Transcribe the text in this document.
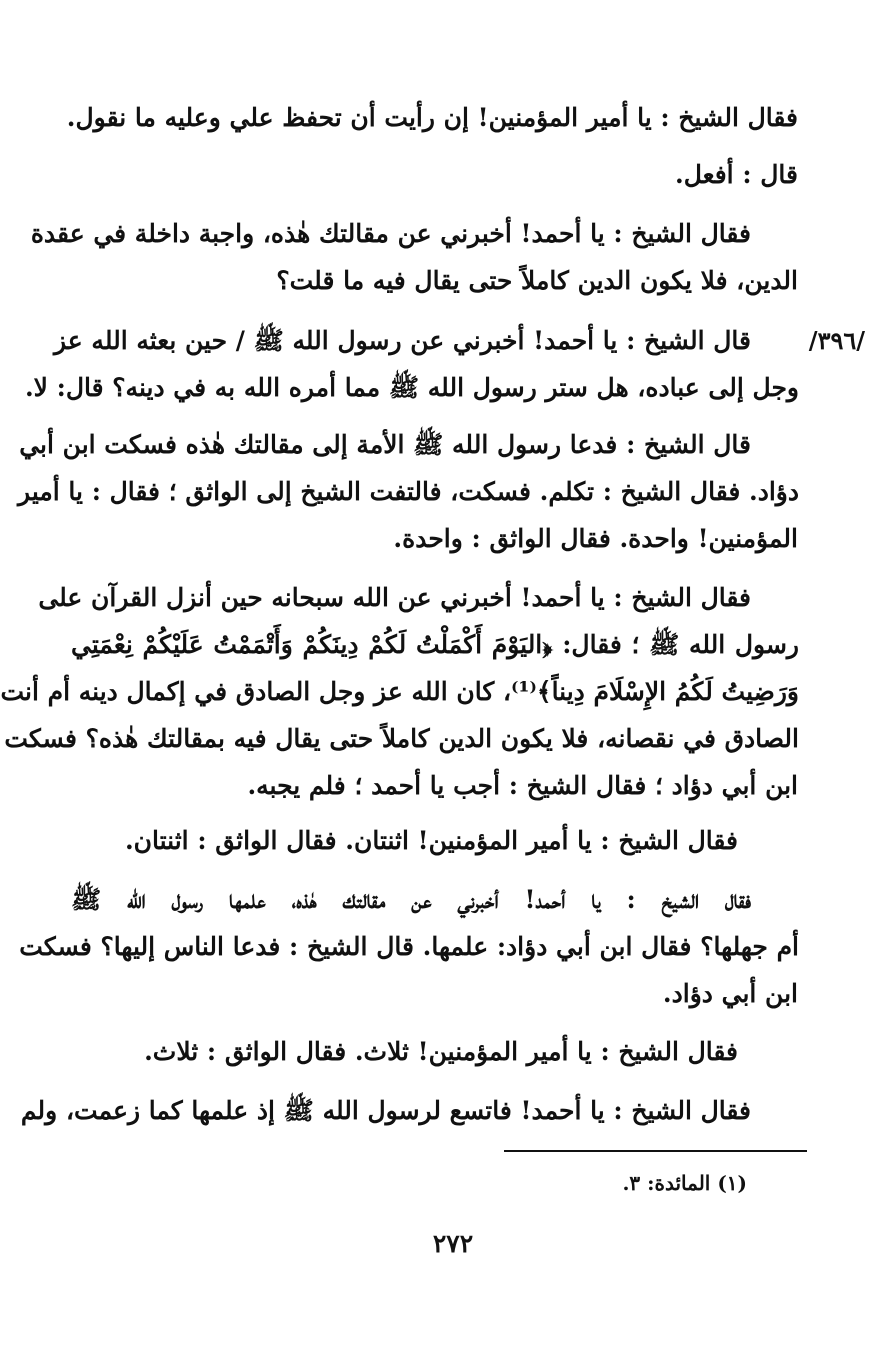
فقال الشيخ : يا أمير المؤمنين! إن رأيت أن تحفظ علي وعليه ما نقول.
قال : أفعل.
فقال الشيخ : يا أحمد! أخبرني عن مقالتك هٰذه، واجبة داخلة في عقدة
الدين، فلا يكون الدين كاملاً حتى يقال فيه ما قلت؟
/٣٩٦/
قال الشيخ : يا أحمد! أخبرني عن رسول الله ﷺ / حين بعثه الله عز
وجل إلى عباده، هل ستر رسول الله ﷺ مما أمره الله به في دينه؟ قال: لا.
قال الشيخ : فدعا رسول الله ﷺ الأمة إلى مقالتك هٰذه فسكت ابن أبي
دؤاد. فقال الشيخ : تكلم. فسكت، فالتفت الشيخ إلى الواثق ؛ فقال : يا أمير
المؤمنين! واحدة. فقال الواثق : واحدة.
فقال الشيخ : يا أحمد! أخبرني عن الله سبحانه حين أنزل القرآن على
رسول الله ﷺ ؛ فقال: ﴿اليَوْمَ أَكْمَلْتُ لَكُمْ دِينَكُمْ وَأَتْمَمْتُ عَلَيْكُمْ نِعْمَتِي
وَرَضِيتُ لَكُمُ الإِسْلَامَ دِيناً﴾⁽¹⁾، كان الله عز وجل الصادق في إكمال دينه أم أنت
الصادق في نقصانه، فلا يكون الدين كاملاً حتى يقال فيه بمقالتك هٰذه؟ فسكت
ابن أبي دؤاد ؛ فقال الشيخ : أجب يا أحمد ؛ فلم يجبه.
فقال الشيخ : يا أمير المؤمنين! اثنتان. فقال الواثق : اثنتان.
فقال الشيخ : يا أحمد! أخبرني عن مقالتك هٰذه، علمها رسول الله ﷺ
أم جهلها؟ فقال ابن أبي دؤاد: علمها. قال الشيخ : فدعا الناس إليها؟ فسكت
ابن أبي دؤاد.
فقال الشيخ : يا أمير المؤمنين! ثلاث. فقال الواثق : ثلاث.
فقال الشيخ : يا أحمد! فاتسع لرسول الله ﷺ إذ علمها كما زعمت، ولم
(١) المائدة: ٣.
٢٧٢
